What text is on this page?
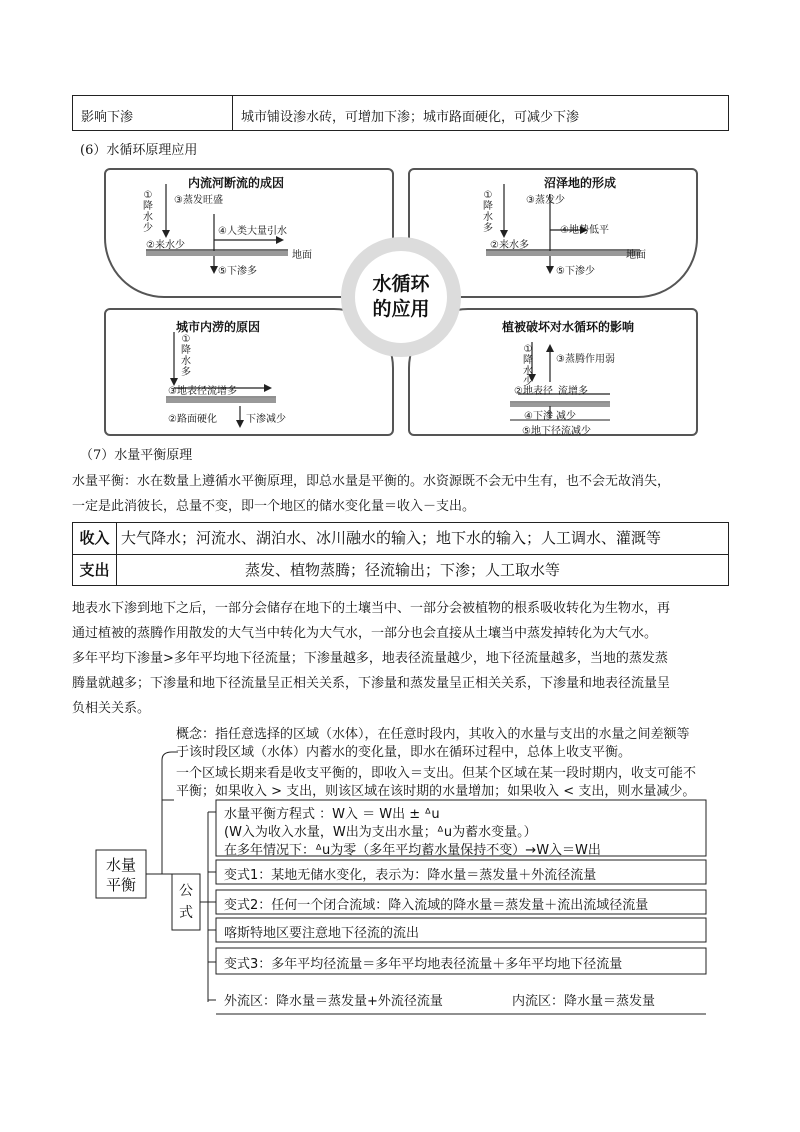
影响下渗	城市铺设渗水砖，可增加下渗；城市路面硬化，可减少下渗
(6）水循环原理应用
内流河断流的成因
①降水少
③蒸发旺盛
④人类大量引水
②来水少
地面
⑤下渗多
沼泽地的形成
①降水多
③蒸发少
④地势低平
②来水多
地面
⑤下渗少
城市内涝的原因
①降水多
③地表径流增多
②路面硬化	下渗减少
植被破坏对水循环的影响
①降水少
③蒸腾作用弱
②地表径 流增多
④下渗 减少
⑤地下径流减少
水循环
的应用
（7）水量平衡原理
水量平衡：水在数量上遵循水平衡原理，即总水量是平衡的。水资源既不会无中生有，也不会无故消失，
一定是此消彼长，总量不变，即一个地区的储水变化量＝收入－支出。
收入 大气降水；河流水、湖泊水、冰川融水的输入；地下水的输入；人工调水、灌溉等
支出	蒸发、植物蒸腾；径流输出；下渗；人工取水等
地表水下渗到地下之后，一部分会储存在地下的土壤当中、一部分会被植物的根系吸收转化为生物水，再
通过植被的蒸腾作用散发的大气当中转化为大气水，一部分也会直接从土壤当中蒸发掉转化为大气水。
多年平均下渗量>多年平均地下径流量；下渗量越多，地表径流量越少，地下径流量越多，当地的蒸发蒸
腾量就越多；下渗量和地下径流量呈正相关关系，下渗量和蒸发量呈正相关关系，下渗量和地表径流量呈
负相关关系。
概念：指任意选择的区域（水体），在任意时段内，其收入的水量与支出的水量之间差额等
于该时段区域（水体）内蓄水的变化量，即水在循环过程中，总体上收支平衡。
一个区域长期来看是收支平衡的，即收入＝支出。但某个区域在某一段时期内，收支可能不
平衡；如果收入 > 支出，则该区域在该时期的水量增加；如果收入 < 支出，则水量减少。
水量
平衡	公式
水量平衡方程式 ：W入 ＝ W出 ± ᐞu
(W入为收入水量，W出为支出水量；ᐞu为蓄水变量。）
在多年情况下：ᐞu为零（多年平均蓄水量保持不变）→W入＝W出
变式1：某地无储水变化，表示为：降水量＝蒸发量＋外流径流量
变式2：任何一个闭合流域：降入流域的降水量＝蒸发量＋流出流域径流量
喀斯特地区要注意地下径流的流出
变式3：多年平均径流量＝多年平均地表径流量＋多年平均地下径流量
外流区：降水量＝蒸发量+外流径流量	内流区：降水量＝蒸发量
